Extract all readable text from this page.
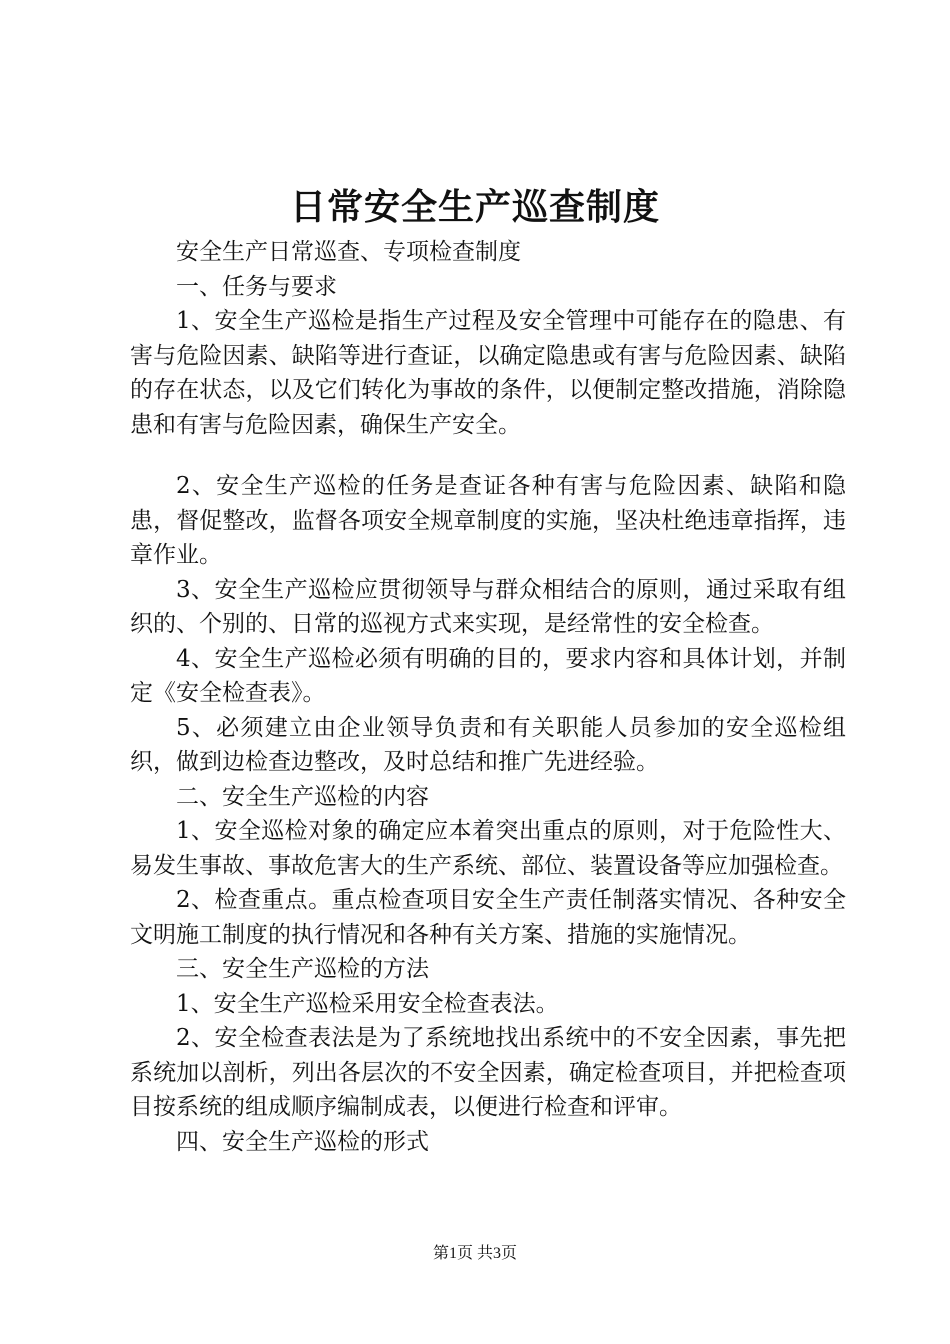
日常安全生产巡查制度

安全生产日常巡查、专项检查制度

一、任务与要求

1、安全生产巡检是指生产过程及安全管理中可能存在的隐患、有害与危险因素、缺陷等进行查证，以确定隐患或有害与危险因素、缺陷的存在状态，以及它们转化为事故的条件，以便制定整改措施，消除隐患和有害与危险因素，确保生产安全。

2、安全生产巡检的任务是查证各种有害与危险因素、缺陷和隐患，督促整改，监督各项安全规章制度的实施，坚决杜绝违章指挥，违章作业。

3、安全生产巡检应贯彻领导与群众相结合的原则，通过采取有组织的、个别的、日常的巡视方式来实现，是经常性的安全检查。

4、安全生产巡检必须有明确的目的，要求内容和具体计划，并制定《安全检查表》。

5、必须建立由企业领导负责和有关职能人员参加的安全巡检组织，做到边检查边整改，及时总结和推广先进经验。

二、安全生产巡检的内容

1、安全巡检对象的确定应本着突出重点的原则，对于危险性大、易发生事故、事故危害大的生产系统、部位、装置设备等应加强检查。

2、检查重点。重点检查项目安全生产责任制落实情况、各种安全文明施工制度的执行情况和各种有关方案、措施的实施情况。

三、安全生产巡检的方法

1、安全生产巡检采用安全检查表法。

2、安全检查表法是为了系统地找出系统中的不安全因素，事先把系统加以剖析，列出各层次的不安全因素，确定检查项目，并把检查项目按系统的组成顺序编制成表，以便进行检查和评审。

四、安全生产巡检的形式

第1页 共3页
